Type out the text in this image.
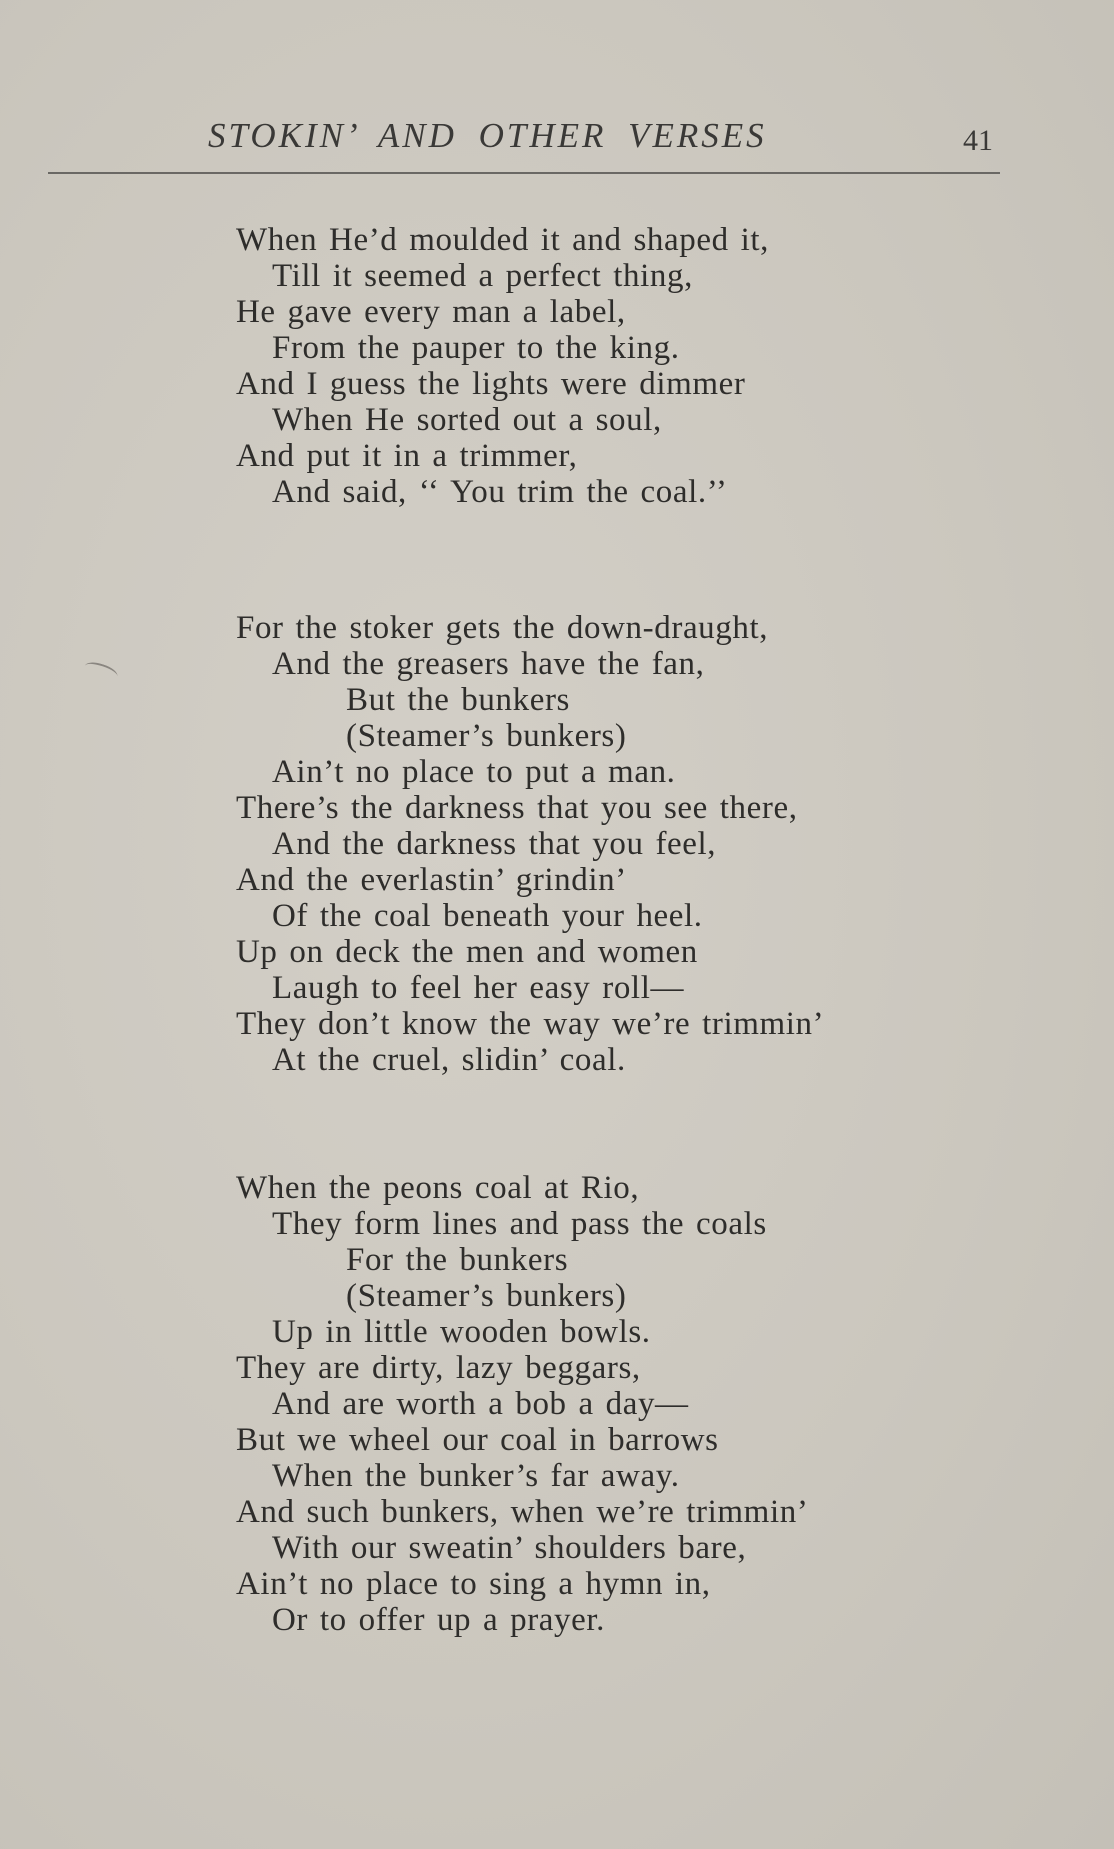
STOKIN’ AND OTHER VERSES	41
When He’d moulded it and shaped it,
Till it seemed a perfect thing,
He gave every man a label,
From the pauper to the king.
And I guess the lights were dimmer
When He sorted out a soul,
And put it in a trimmer,
And said, ‘‘ You trim the coal.’’
For the stoker gets the down-draught,
And the greasers have the fan,
But the bunkers
(Steamer’s bunkers)
Ain’t no place to put a man.
There’s the darkness that you see there,
And the darkness that you feel,
And the everlastin’ grindin’
Of the coal beneath your heel.
Up on deck the men and women
Laugh to feel her easy roll—
They don’t know the way we’re trimmin’
At the cruel, slidin’ coal.
When the peons coal at Rio,
They form lines and pass the coals
For the bunkers
(Steamer’s bunkers)
Up in little wooden bowls.
They are dirty, lazy beggars,
And are worth a bob a day—
But we wheel our coal in barrows
When the bunker’s far away.
And such bunkers, when we’re trimmin’
With our sweatin’ shoulders bare,
Ain’t no place to sing a hymn in,
Or to offer up a prayer.
